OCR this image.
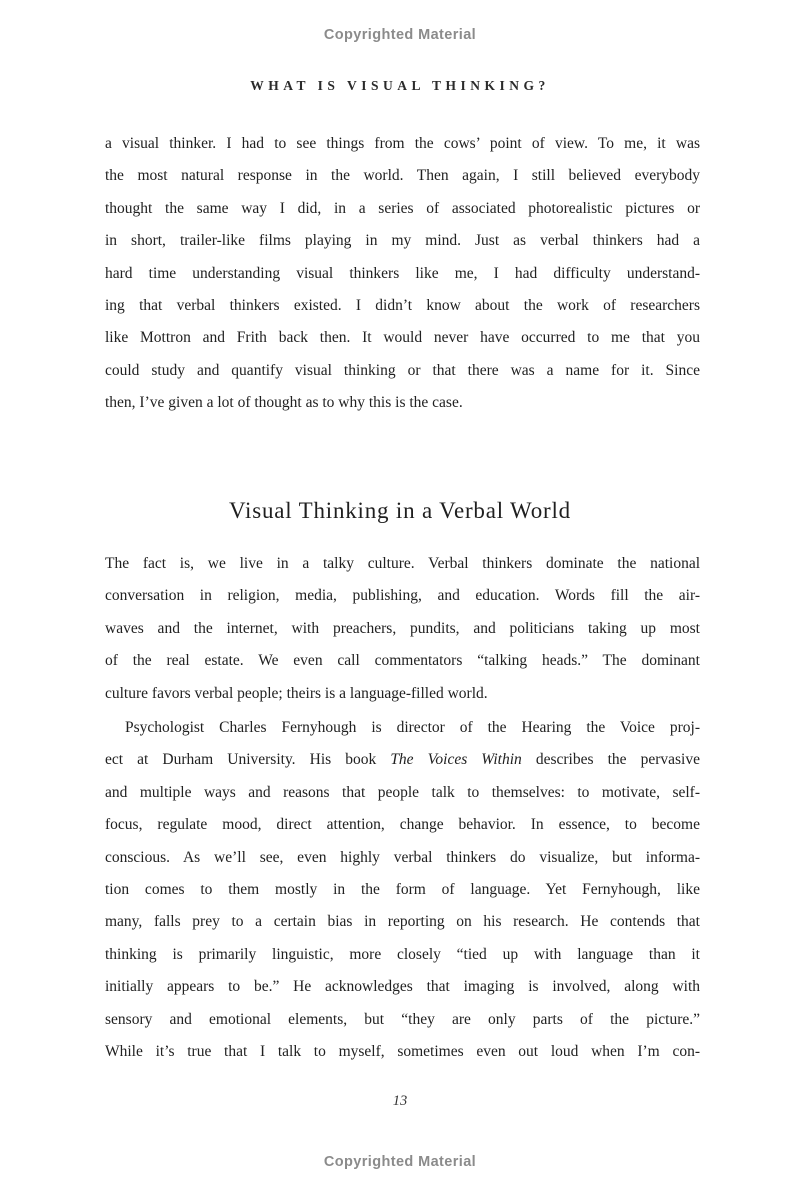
Copyrighted Material
WHAT IS VISUAL THINKING?
a visual thinker. I had to see things from the cows’ point of view. To me, it was
the most natural response in the world. Then again, I still believed everybody
thought the same way I did, in a series of associated photorealistic pictures or
in short, trailer-like films playing in my mind. Just as verbal thinkers had a
hard time understanding visual thinkers like me, I had difficulty understand-
ing that verbal thinkers existed. I didn’t know about the work of researchers
like Mottron and Frith back then. It would never have occurred to me that you
could study and quantify visual thinking or that there was a name for it. Since
then, I’ve given a lot of thought as to why this is the case.
Visual Thinking in a Verbal World
The fact is, we live in a talky culture. Verbal thinkers dominate the national
conversation in religion, media, publishing, and education. Words fill the air-
waves and the internet, with preachers, pundits, and politicians taking up most
of the real estate. We even call commentators “talking heads.” The dominant
culture favors verbal people; theirs is a language-filled world.
Psychologist Charles Fernyhough is director of the Hearing the Voice proj-
ect at Durham University. His book The Voices Within describes the pervasive
and multiple ways and reasons that people talk to themselves: to motivate, self-
focus, regulate mood, direct attention, change behavior. In essence, to become
conscious. As we’ll see, even highly verbal thinkers do visualize, but informa-
tion comes to them mostly in the form of language. Yet Fernyhough, like
many, falls prey to a certain bias in reporting on his research. He contends that
thinking is primarily linguistic, more closely “tied up with language than it
initially appears to be.” He acknowledges that imaging is involved, along with
sensory and emotional elements, but “they are only parts of the picture.”
While it’s true that I talk to myself, sometimes even out loud when I’m con-
13
Copyrighted Material
